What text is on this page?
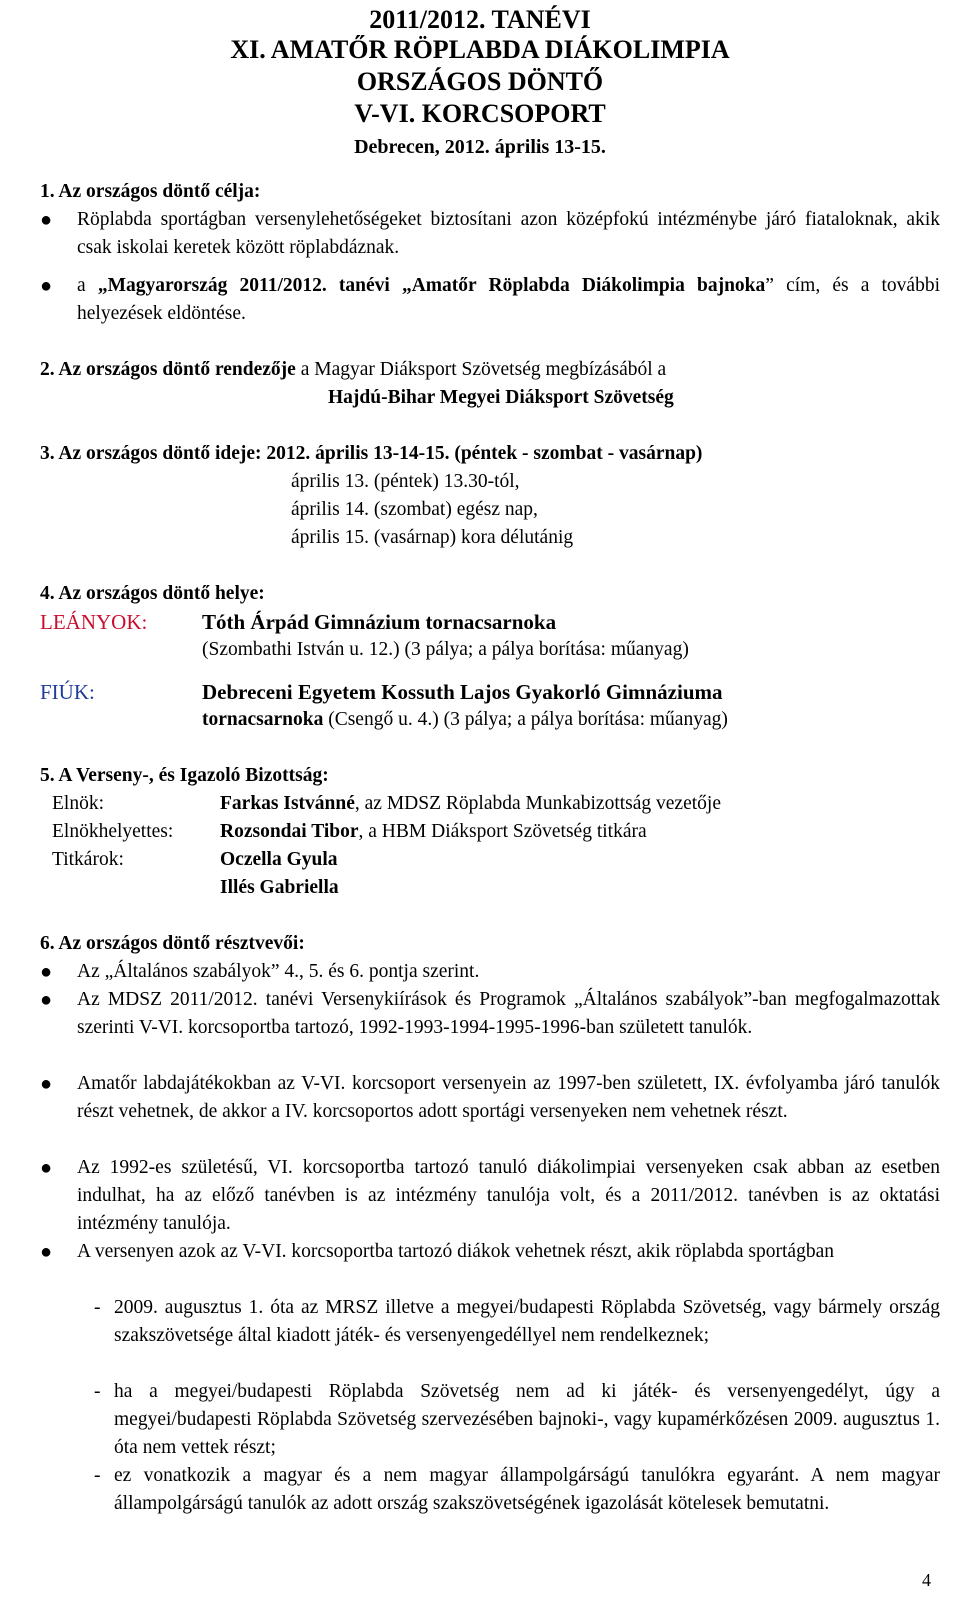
2011/2012. TANÉVI
XI. AMATŐR RÖPLABDA DIÁKOLIMPIA
ORSZÁGOS DÖNTŐ
V-VI. KORCSOPORT
Debrecen, 2012. április 13-15.
1. Az országos döntő célja:
●	Röplabda sportágban versenylehetőségeket biztosítani azon középfokú intézménybe járó fiataloknak, akik csak iskolai keretek között röplabdáznak.
●	a „Magyarország 2011/2012. tanévi „Amatőr Röplabda Diákolimpia bajnoka” cím, és a további helyezések eldöntése.
2. Az országos döntő rendezője a Magyar Diáksport Szövetség megbízásából a
Hajdú-Bihar Megyei Diáksport Szövetség
3. Az országos döntő ideje: 2012. április 13-14-15. (péntek - szombat - vasárnap)
április 13. (péntek) 13.30-tól,
április 14. (szombat) egész nap,
április 15. (vasárnap) kora délutánig
4. Az országos döntő helye:
LEÁNYOK:	Tóth Árpád Gimnázium tornacsarnoka
(Szombathi István u. 12.) (3 pálya; a pálya borítása: műanyag)
FIÚK:	Debreceni Egyetem Kossuth Lajos Gyakorló Gimnáziuma
tornacsarnoka (Csengő u. 4.) (3 pálya; a pálya borítása: műanyag)
5. A Verseny-, és Igazoló Bizottság:
Elnök:	Farkas Istvánné, az MDSZ Röplabda Munkabizottság vezetője
Elnökhelyettes: Rozsondai Tibor, a HBM Diáksport Szövetség titkára
Titkárok:	Oczella Gyula
Illés Gabriella
6. Az országos döntő résztvevői:
●	Az „Általános szabályok” 4., 5. és 6. pontja szerint.
●	Az MDSZ 2011/2012. tanévi Versenykiírások és Programok „Általános szabályok”-ban megfogalmazottak szerinti V-VI. korcsoportba tartozó, 1992-1993-1994-1995-1996-ban született tanulók.
●	Amatőr labdajátékokban az V-VI. korcsoport versenyein az 1997-ben született, IX. évfolyamba járó tanulók részt vehetnek, de akkor a IV. korcsoportos adott sportági versenyeken nem vehetnek részt.
●	Az 1992-es születésű, VI. korcsoportba tartozó tanuló diákolimpiai versenyeken csak abban az esetben indulhat, ha az előző tanévben is az intézmény tanulója volt, és a 2011/2012. tanévben is az oktatási intézmény tanulója.
●	A versenyen azok az V-VI. korcsoportba tartozó diákok vehetnek részt, akik röplabda sportágban
- 2009. augusztus 1. óta az MRSZ illetve a megyei/budapesti Röplabda Szövetség, vagy bármely ország szakszövetsége által kiadott játék- és versenyengedéllyel nem rendelkeznek;
- ha a megyei/budapesti Röplabda Szövetség nem ad ki játék- és versenyengedélyt, úgy a megyei/budapesti Röplabda Szövetség szervezésében bajnoki-, vagy kupamérkőzésen 2009. augusztus 1. óta nem vettek részt;
- ez vonatkozik a magyar és a nem magyar állampolgárságú tanulókra egyaránt. A nem magyar állampolgárságú tanulók az adott ország szakszövetségének igazolását kötelesek bemutatni.
4
